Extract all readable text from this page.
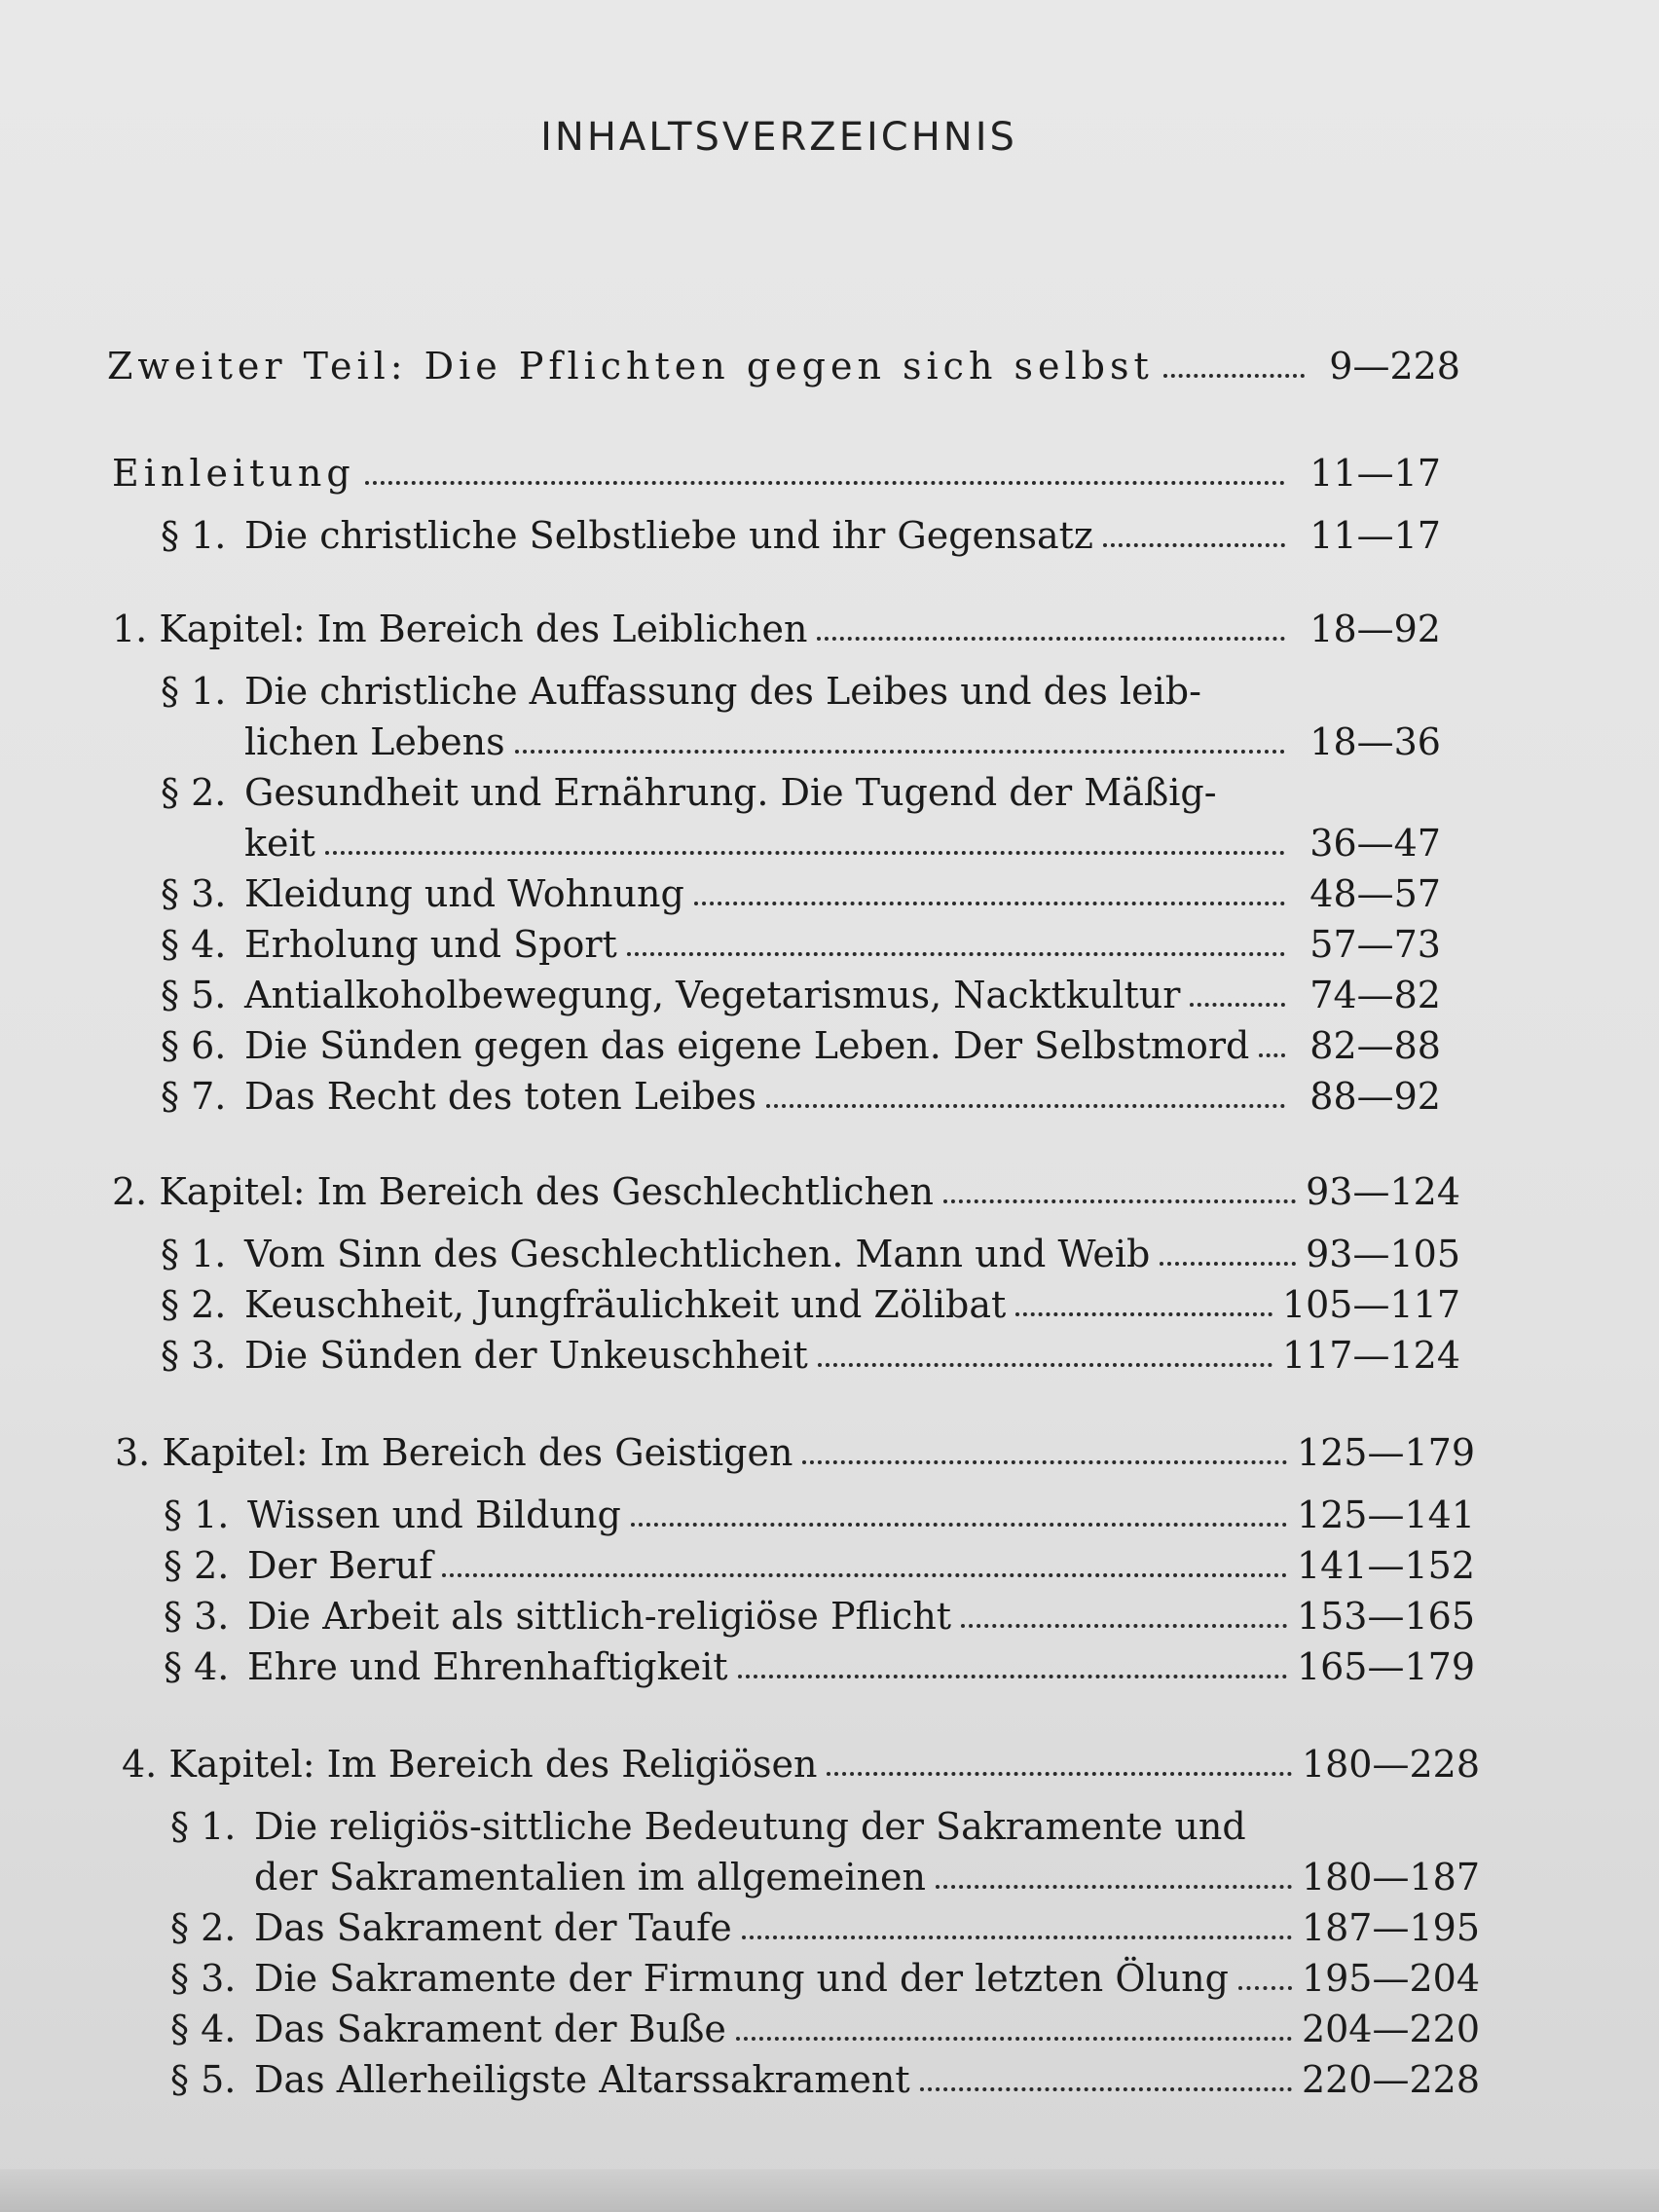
INHALTSVERZEICHNIS
Zweiter Teil: Die Pflichten gegen sich selbst	9—228
Einleitung	11—17
§ 1. Die christliche Selbstliebe und ihr Gegensatz	11—17
1. Kapitel: Im Bereich des Leiblichen	18—92
§ 1. Die christliche Auffassung des Leibes und des leib-
lichen Lebens	18—36
§ 2. Gesundheit und Ernährung. Die Tugend der Mäßig-
keit	36—47
§ 3. Kleidung und Wohnung	48—57
§ 4. Erholung und Sport	57—73
§ 5. Antialkoholbewegung, Vegetarismus, Nacktkultur	74—82
§ 6. Die Sünden gegen das eigene Leben. Der Selbstmord	82—88
§ 7. Das Recht des toten Leibes	88—92
2. Kapitel: Im Bereich des Geschlechtlichen	93—124
§ 1. Vom Sinn des Geschlechtlichen. Mann und Weib	93—105
§ 2. Keuschheit, Jungfräulichkeit und Zölibat	105—117
§ 3. Die Sünden der Unkeuschheit	117—124
3. Kapitel: Im Bereich des Geistigen	125—179
§ 1. Wissen und Bildung	125—141
§ 2. Der Beruf	141—152
§ 3. Die Arbeit als sittlich-religiöse Pflicht	153—165
§ 4. Ehre und Ehrenhaftigkeit	165—179
4. Kapitel: Im Bereich des Religiösen	180—228
§ 1. Die religiös-sittliche Bedeutung der Sakramente und
der Sakramentalien im allgemeinen	180—187
§ 2. Das Sakrament der Taufe	187—195
§ 3. Die Sakramente der Firmung und der letzten Ölung 195—204
§ 4. Das Sakrament der Buße	204—220
§ 5. Das Allerheiligste Altarssakrament	220—228
